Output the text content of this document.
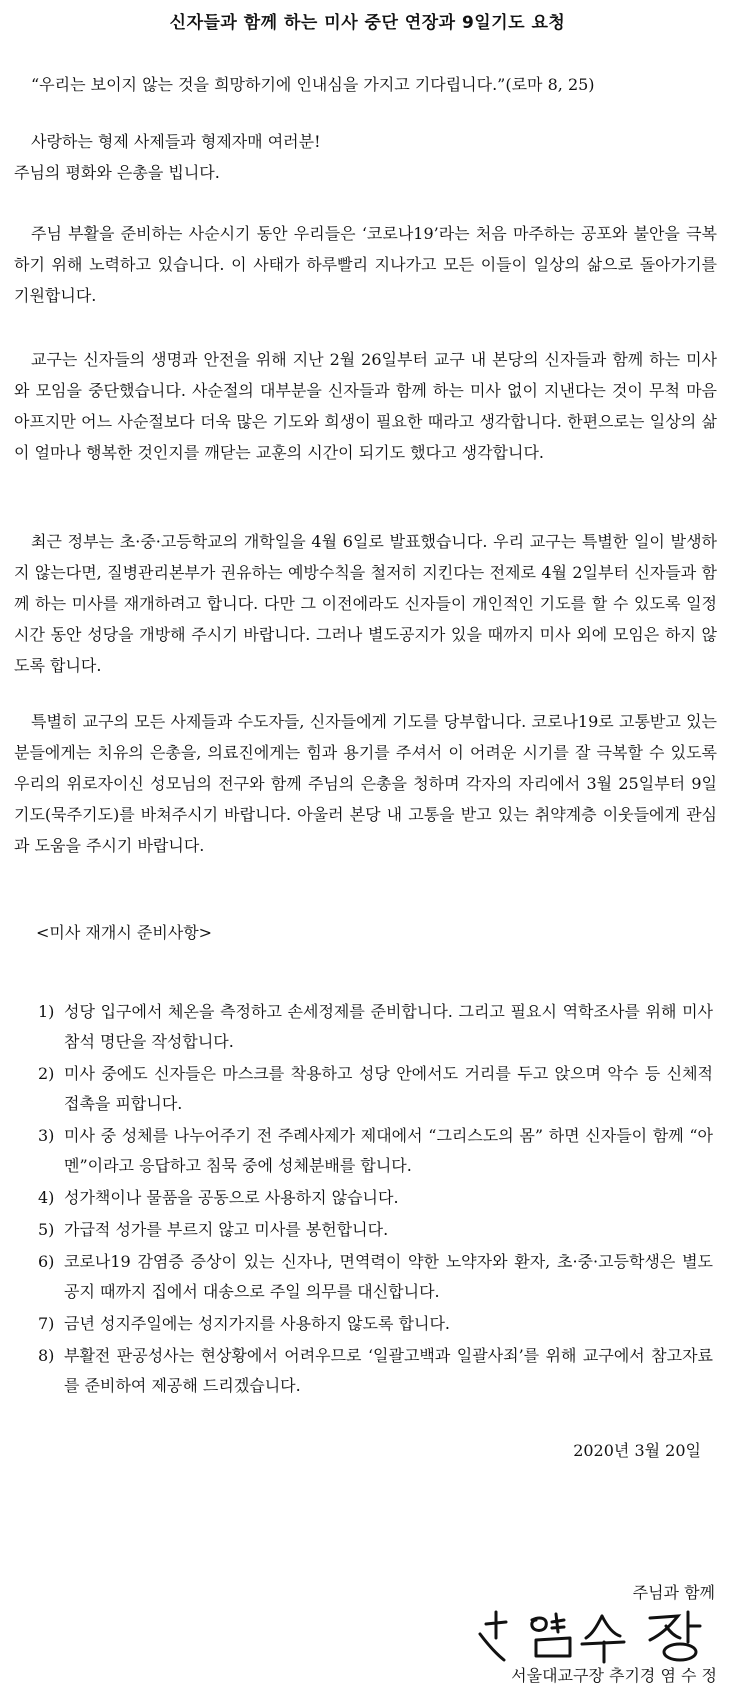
신자들과 함께 하는 미사 중단 연장과 9일기도 요청

“우리는 보이지 않는 것을 희망하기에 인내심을 가지고 기다립니다.”(로마 8, 25)

사랑하는 형제 사제들과 형제자매 여러분!

주님의 평화와 은총을 빕니다.

주님 부활을 준비하는 사순시기 동안 우리들은 ‘코로나19’라는 처음 마주하는 공포와 불안을 극복하기 위해 노력하고 있습니다. 이 사태가 하루빨리 지나가고 모든 이들이 일상의 삶으로 돌아가기를 기원합니다.

교구는 신자들의 생명과 안전을 위해 지난 2월 26일부터 교구 내 본당의 신자들과 함께 하는 미사와 모임을 중단했습니다. 사순절의 대부분을 신자들과 함께 하는 미사 없이 지낸다는 것이 무척 마음 아프지만 어느 사순절보다 더욱 많은 기도와 희생이 필요한 때라고 생각합니다. 한편으로는 일상의 삶이 얼마나 행복한 것인지를 깨닫는 교훈의 시간이 되기도 했다고 생각합니다.

최근 정부는 초·중·고등학교의 개학일을 4월 6일로 발표했습니다. 우리 교구는 특별한 일이 발생하지 않는다면, 질병관리본부가 권유하는 예방수칙을 철저히 지킨다는 전제로 4월 2일부터 신자들과 함께 하는 미사를 재개하려고 합니다. 다만 그 이전에라도 신자들이 개인적인 기도를 할 수 있도록 일정 시간 동안 성당을 개방해 주시기 바랍니다. 그러나 별도공지가 있을 때까지 미사 외에 모임은 하지 않도록 합니다.

특별히 교구의 모든 사제들과 수도자들, 신자들에게 기도를 당부합니다. 코로나19로 고통받고 있는 분들에게는 치유의 은총을, 의료진에게는 힘과 용기를 주셔서 이 어려운 시기를 잘 극복할 수 있도록 우리의 위로자이신 성모님의 전구와 함께 주님의 은총을 청하며 각자의 자리에서 3월 25일부터 9일기도(묵주기도)를 바쳐주시기 바랍니다. 아울러 본당 내 고통을 받고 있는 취약계층 이웃들에게 관심과 도움을 주시기 바랍니다.

<미사 재개시 준비사항>
1) 성당 입구에서 체온을 측정하고 손세정제를 준비합니다. 그리고 필요시 역학조사를 위해 미사참석 명단을 작성합니다.
2) 미사 중에도 신자들은 마스크를 착용하고 성당 안에서도 거리를 두고 앉으며 악수 등 신체적 접촉을 피합니다.
3) 미사 중 성체를 나누어주기 전 주례사제가 제대에서 “그리스도의 몸” 하면 신자들이 함께 “아멘”이라고 응답하고 침묵 중에 성체분배를 합니다.
4) 성가책이나 물품을 공동으로 사용하지 않습니다.
5) 가급적 성가를 부르지 않고 미사를 봉헌합니다.
6) 코로나19 감염증 증상이 있는 신자나, 면역력이 약한 노약자와 환자, 초·중·고등학생은 별도 공지 때까지 집에서 대송으로 주일 의무를 대신합니다.
7) 금년 성지주일에는 성지가지를 사용하지 않도록 합니다.
8) 부활전 판공성사는 현상황에서 어려우므로 ‘일괄고백과 일괄사죄’를 위해 교구에서 참고자료를 준비하여 제공해 드리겠습니다.
2020년 3월 20일
주님과 함께
서울대교구장 추기경 염 수 정
